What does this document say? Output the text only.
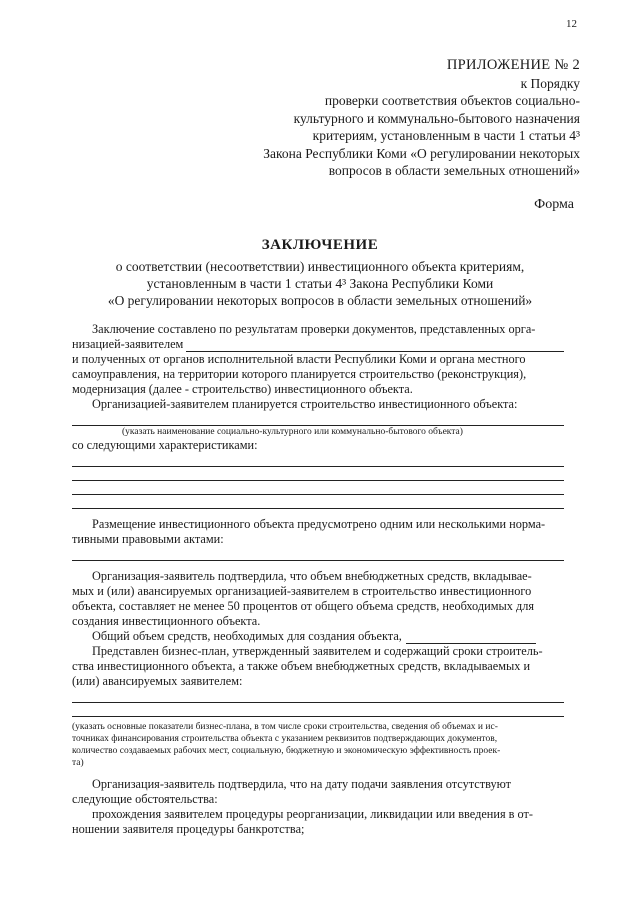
12
ПРИЛОЖЕНИЕ № 2
к Порядку
проверки соответствия объектов социально-
культурного и коммунально-бытового назначения
критериям, установленным в части 1 статьи 4³
Закона Республики Коми «О регулировании некоторых
вопросов в области земельных отношений»
Форма
ЗАКЛЮЧЕНИЕ
о соответствии (несоответствии) инвестиционного объекта критериям,
установленным в части 1 статьи 4³ Закона Республики Коми
«О регулировании некоторых вопросов в области земельных отношений»
Заключение составлено по результатам проверки документов, представленных орга-
низацией-заявителем
и полученных от органов исполнительной власти Республики Коми и органа местного
самоуправления, на территории которого планируется строительство (реконструкция),
модернизация (далее - строительство) инвестиционного объекта.
Организацией-заявителем планируется строительство инвестиционного объекта:
(указать наименование социально-культурного или коммунально-бытового объекта)
со следующими характеристиками:
Размещение инвестиционного объекта предусмотрено одним или несколькими норма-
тивными правовыми актами:
Организация-заявитель подтвердила, что объем внебюджетных средств, вкладывае-
мых и (или) авансируемых организацией-заявителем в строительство инвестиционного
объекта, составляет не менее 50 процентов от общего объема средств, необходимых для
создания инвестиционного объекта.
Общий объем средств, необходимых для создания объекта,
Представлен бизнес-план, утвержденный заявителем и содержащий сроки строитель-
ства инвестиционного объекта, а также объем внебюджетных средств, вкладываемых и
(или) авансируемых заявителем:
(указать основные показатели бизнес-плана, в том числе сроки строительства, сведения об объемах и ис-
точниках финансирования строительства объекта с указанием реквизитов подтверждающих документов,
количество создаваемых рабочих мест, социальную, бюджетную и экономическую эффективность проек-
та)
Организация-заявитель подтвердила, что на дату подачи заявления отсутствуют
следующие обстоятельства:
прохождения заявителем процедуры реорганизации, ликвидации или введения в от-
ношении заявителя процедуры банкротства;
